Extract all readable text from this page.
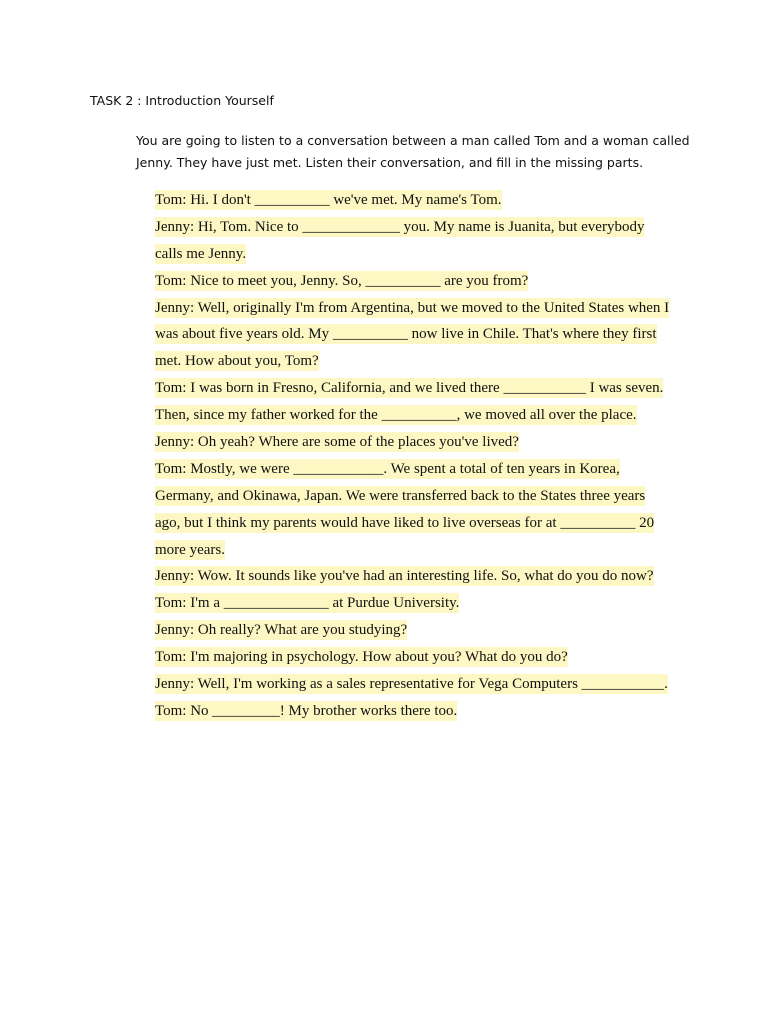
TASK 2 : Introduction Yourself
You are going to listen to a conversation between a man called Tom and a woman called
Jenny. They have just met. Listen their conversation, and fill in the missing parts.
Tom: Hi. I don't __________ we've met. My name's Tom.
Jenny: Hi, Tom. Nice to _____________ you. My name is Juanita, but everybody
calls me Jenny.
Tom: Nice to meet you, Jenny. So, __________ are you from?
Jenny: Well, originally I'm from Argentina, but we moved to the United States when I
was about five years old. My __________ now live in Chile. That's where they first
met. How about you, Tom?
Tom: I was born in Fresno, California, and we lived there ___________ I was seven.
Then, since my father worked for the __________, we moved all over the place.
Jenny: Oh yeah? Where are some of the places you've lived?
Tom: Mostly, we were ____________. We spent a total of ten years in Korea,
Germany, and Okinawa, Japan. We were transferred back to the States three years
ago, but I think my parents would have liked to live overseas for at __________ 20
more years.
Jenny: Wow. It sounds like you've had an interesting life. So, what do you do now?
Tom: I'm a ______________ at Purdue University.
Jenny: Oh really? What are you studying?
Tom: I'm majoring in psychology. How about you? What do you do?
Jenny: Well, I'm working as a sales representative for Vega Computers ___________.
Tom: No _________! My brother works there too.
